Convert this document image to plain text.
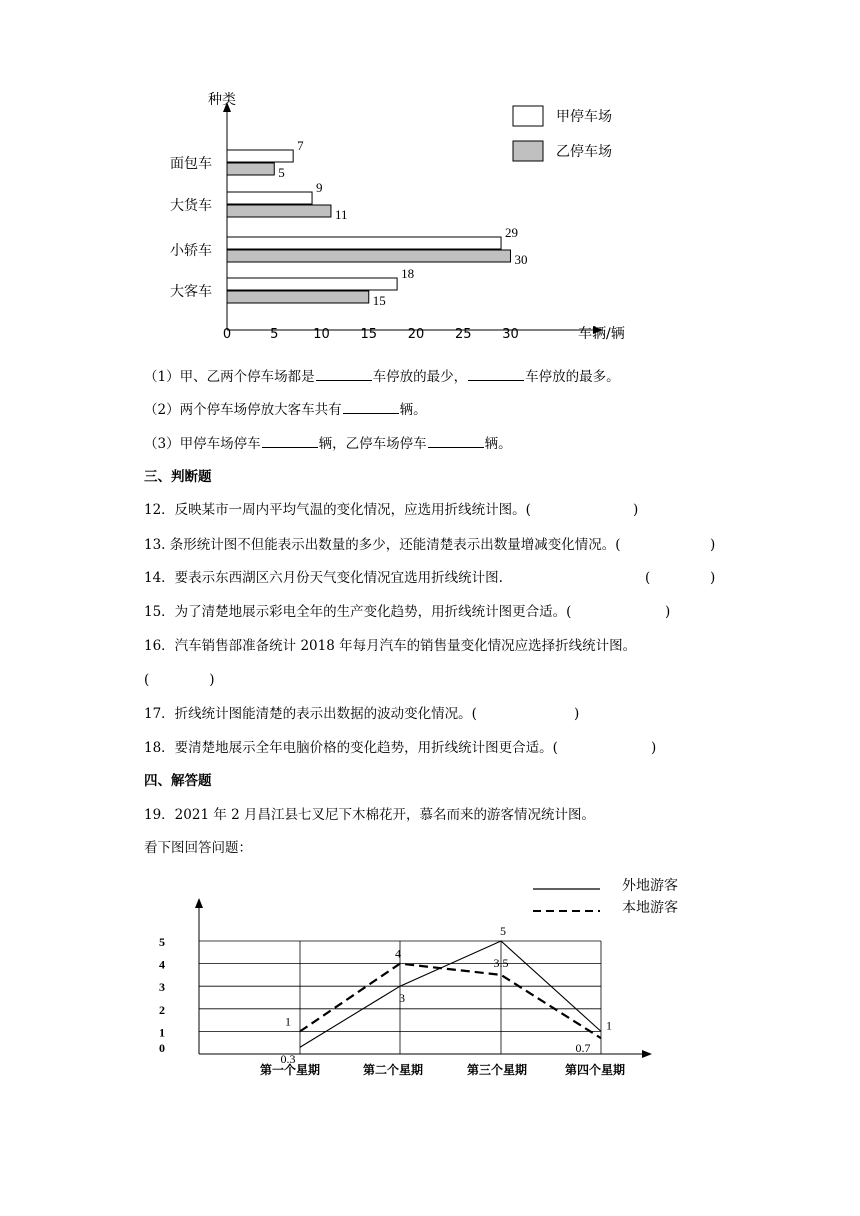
种类
车辆/辆
0	5	10 15 20 25 30
面包车
大货车
小轿车
大客车
7
5
9
11
29
30
18
15
甲停车场
乙停车场
（1）甲、乙两个停车场都是	车停放的最少，	车停放的最多。
（2）两个停车场停放大客车共有	辆。
（3）甲停车场停车	辆，乙停车场停车	辆。
三、判断题
12．反映某市一周内平均气温的变化情况，应选用折线统计图。(	)
13. 条形统计图不但能表示出数量的多少，还能清楚表示出数量增减变化情况。(	)
14．要表示东西湖区六月份天气变化情况宜选用折线统计图.	(	)
15．为了清楚地展示彩电全年的生产变化趋势，用折线统计图更合适。(	)
16．汽车销售部准备统计 2018 年每月汽车的销售量变化情况应选择折线统计图。
(	)
17．折线统计图能清楚的表示出数据的波动变化情况。(	)
18．要清楚地展示全年电脑价格的变化趋势，用折线统计图更合适。(	)
四、解答题
19．2021 年 2 月昌江县七叉尼下木棉花开，慕名而来的游客情况统计图。
看下图回答问题：
外地游客
本地游客
0
1
2
3
4
5
第一个星期	第二个星期	第三个星期	第四个星期
0.3
3
5
1
1
4
3.5
0.7
